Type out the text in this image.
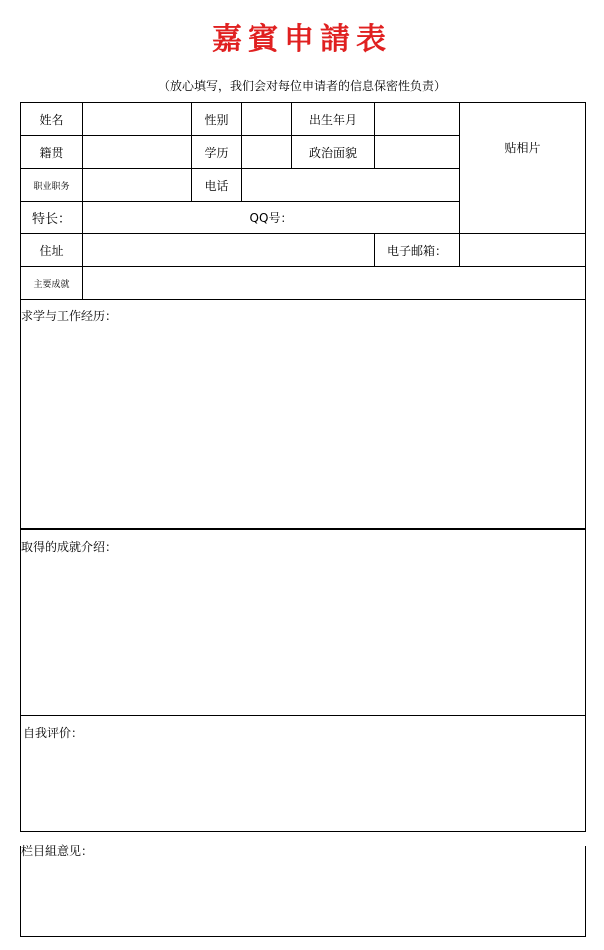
嘉賓申請表
（放心填写，我们会对每位申请者的信息保密性负责）
姓名		性别		出生年月		贴相片
籍贯		学历		政治面貌		
职业职务		电话				
特长：	QQ号：					
住址					电子邮箱：	
主要成就						
求学与工作经历：
取得的成就介绍：
自我评价：
栏目組意见：
